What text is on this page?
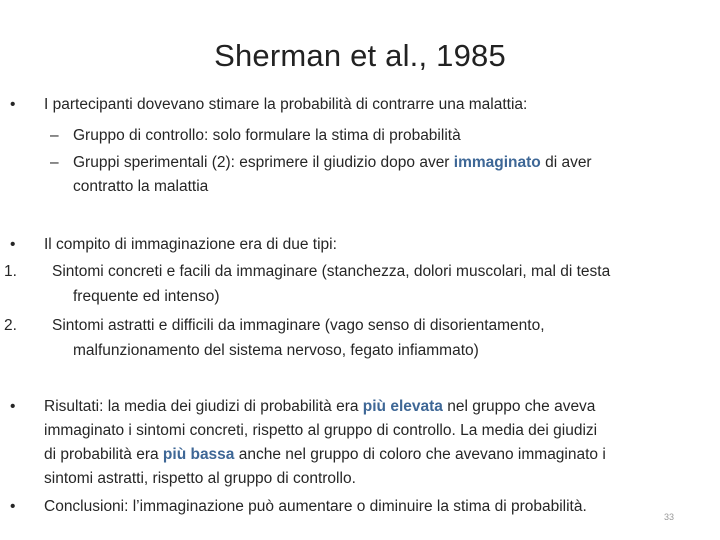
Sherman et al., 1985
• I partecipanti dovevano stimare la probabilità di contrarre una malattia:
– Gruppo di controllo: solo formulare la stima di probabilità
– Gruppi sperimentali (2): esprimere il giudizio dopo aver immaginato di aver
contratto la malattia
• Il compito di immaginazione era di due tipi:
1. Sintomi concreti e facili da immaginare (stanchezza, dolori muscolari, mal di testa
frequente ed intenso)
2. Sintomi astratti e difficili da immaginare (vago senso di disorientamento,
malfunzionamento del sistema nervoso, fegato infiammato)
• Risultati: la media dei giudizi di probabilità era più elevata nel gruppo che aveva
immaginato i sintomi concreti, rispetto al gruppo di controllo. La media dei giudizi
di probabilità era più bassa anche nel gruppo di coloro che avevano immaginato i
sintomi astratti, rispetto al gruppo di controllo.
• Conclusioni: l’immaginazione può aumentare o diminuire la stima di probabilità.
33
